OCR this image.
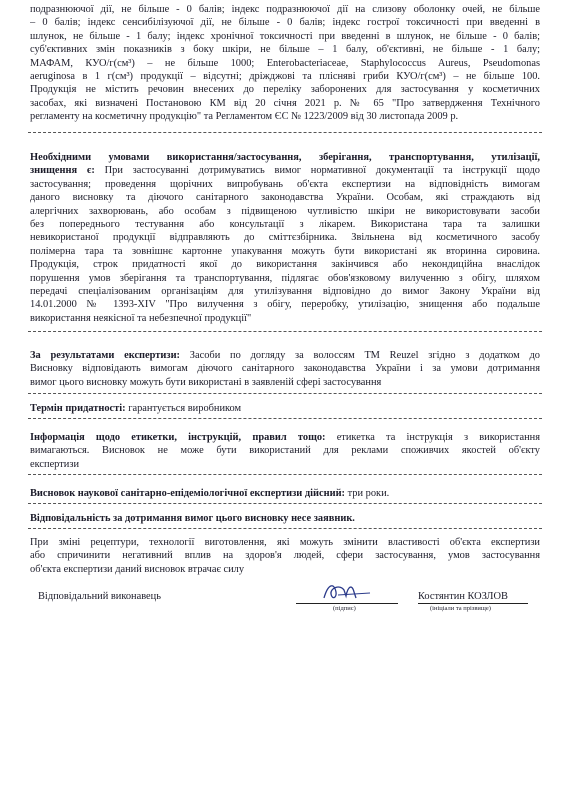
подразнюючої дії, не більше - 0 балів; індекс подразнюючої дії на слизову оболонку очей, не більше
– 0 балів; індекс сенсибілізуючої дії, не більше - 0 балів; індекс гострої токсичності при введенні в
шлунок, не більше - 1 балу; індекс хронічної токсичності при введенні в шлунок, не більше - 0 балів;
суб'єктивних змін показників з боку шкіри, не більше – 1 балу, об'єктивні, не більше - 1 балу;
МАФАМ, КУО/г(см³) – не більше 1000; Enterobacteriaceae, Staphylococcus Aureus, Pseudomonas
aeruginosa в 1 г(см³) продукції – відсутні; дріжджові та плісняві гриби КУО/г(см³) – не більше 100.
Продукція не містить речовин внесених до переліку заборонених для застосування у косметичних
засобах, які визначені Постановою КМ від 20 січня 2021 р. № 65 "Про затвердження Технічного
регламенту на косметичну продукцію" та Регламентом ЄС № 1223/2009 від 30 листопада 2009 р.
Необхідними умовами використання/застосування, зберігання, транспортування, утилізації,
знищення є: При застосуванні дотримуватись вимог нормативної документації та інструкції щодо
застосування; проведення щорічних випробувань об'єкта експертизи на відповідність вимогам
даного висновку та діючого санітарного законодавства України. Особам, які страждають від
алергічних захворювань, або особам з підвищеною чутливістю шкіри не використовувати засоби
без попереднього тестування або консультації з лікарем. Використана тара та залишки
невикористаної продукції відправляють до сміттєзбірника. Звільнена від косметичного засобу
полімерна тара та зовнішнє картонне упакування можуть бути використані як вторинна сировина.
Продукція, строк придатності якої до використання закінчився або некондиційна внаслідок
порушення умов зберігання та транспортування, підлягає обов'язковому вилученню з обігу, шляхом
передачі спеціалізованим організаціям для утилізування відповідно до вимог Закону України від
14.01.2000 № 1393-XIV "Про вилучення з обігу, переробку, утилізацію, знищення або подальше
використання неякісної та небезпечної продукції"
За результатами експертизи: Засоби по догляду за волоссям ТМ Reuzel згідно з додатком до
Висновку відповідають вимогам діючого санітарного законодавства України і за умови дотримання
вимог цього висновку можуть бути використані в заявленій сфері застосування
Термін придатності: гарантується виробником
Інформація щодо етикетки, інструкцій, правил тощо: етикетка та інструкція з використання
вимагаються. Висновок не може бути використаний для реклами споживчих якостей об'єкту
експертизи
Висновок наукової санітарно-епідеміологічної експертизи дійсний: три роки.
Відповідальність за дотримання вимог цього висновку несе заявник.
При зміні рецептури, технології виготовлення, які можуть змінити властивості об'єкта експертизи
або спричинити негативний вплив на здоров'я людей, сфери застосування, умов застосування
об'єкта експертизи даний висновок втрачає силу
Відповідальний виконавець
(підпис)
Костянтин КОЗЛОВ
(ініціали та прізвище)
